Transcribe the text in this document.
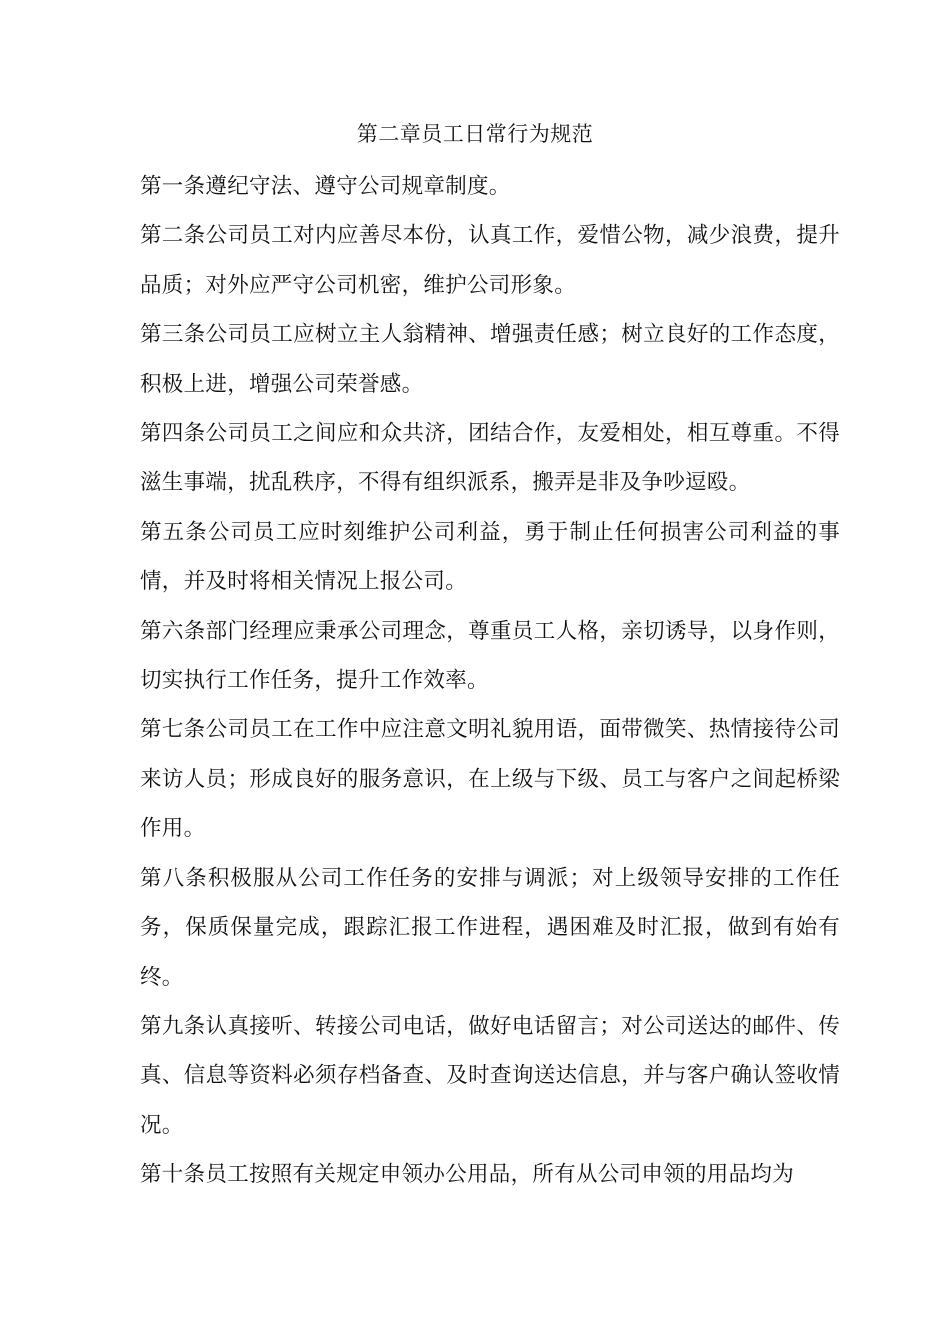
第二章员工日常行为规范

第一条遵纪守法、遵守公司规章制度。

第二条公司员工对内应善尽本份，认真工作，爱惜公物，减少浪费，提升品质；对外应严守公司机密，维护公司形象。

第三条公司员工应树立主人翁精神、增强责任感；树立良好的工作态度，积极上进，增强公司荣誉感。

第四条公司员工之间应和众共济，团结合作，友爱相处，相互尊重。不得滋生事端，扰乱秩序，不得有组织派系，搬弄是非及争吵逗殴。

第五条公司员工应时刻维护公司利益，勇于制止任何损害公司利益的事情，并及时将相关情况上报公司。

第六条部门经理应秉承公司理念，尊重员工人格，亲切诱导，以身作则，切实执行工作任务，提升工作效率。

第七条公司员工在工作中应注意文明礼貌用语，面带微笑、热情接待公司来访人员；形成良好的服务意识，在上级与下级、员工与客户之间起桥梁作用。

第八条积极服从公司工作任务的安排与调派；对上级领导安排的工作任务，保质保量完成，跟踪汇报工作进程，遇困难及时汇报，做到有始有终。

第九条认真接听、转接公司电话，做好电话留言；对公司送达的邮件、传真、信息等资料必须存档备查、及时查询送达信息，并与客户确认签收情况。

第十条员工按照有关规定申领办公用品，所有从公司申领的用品均为
